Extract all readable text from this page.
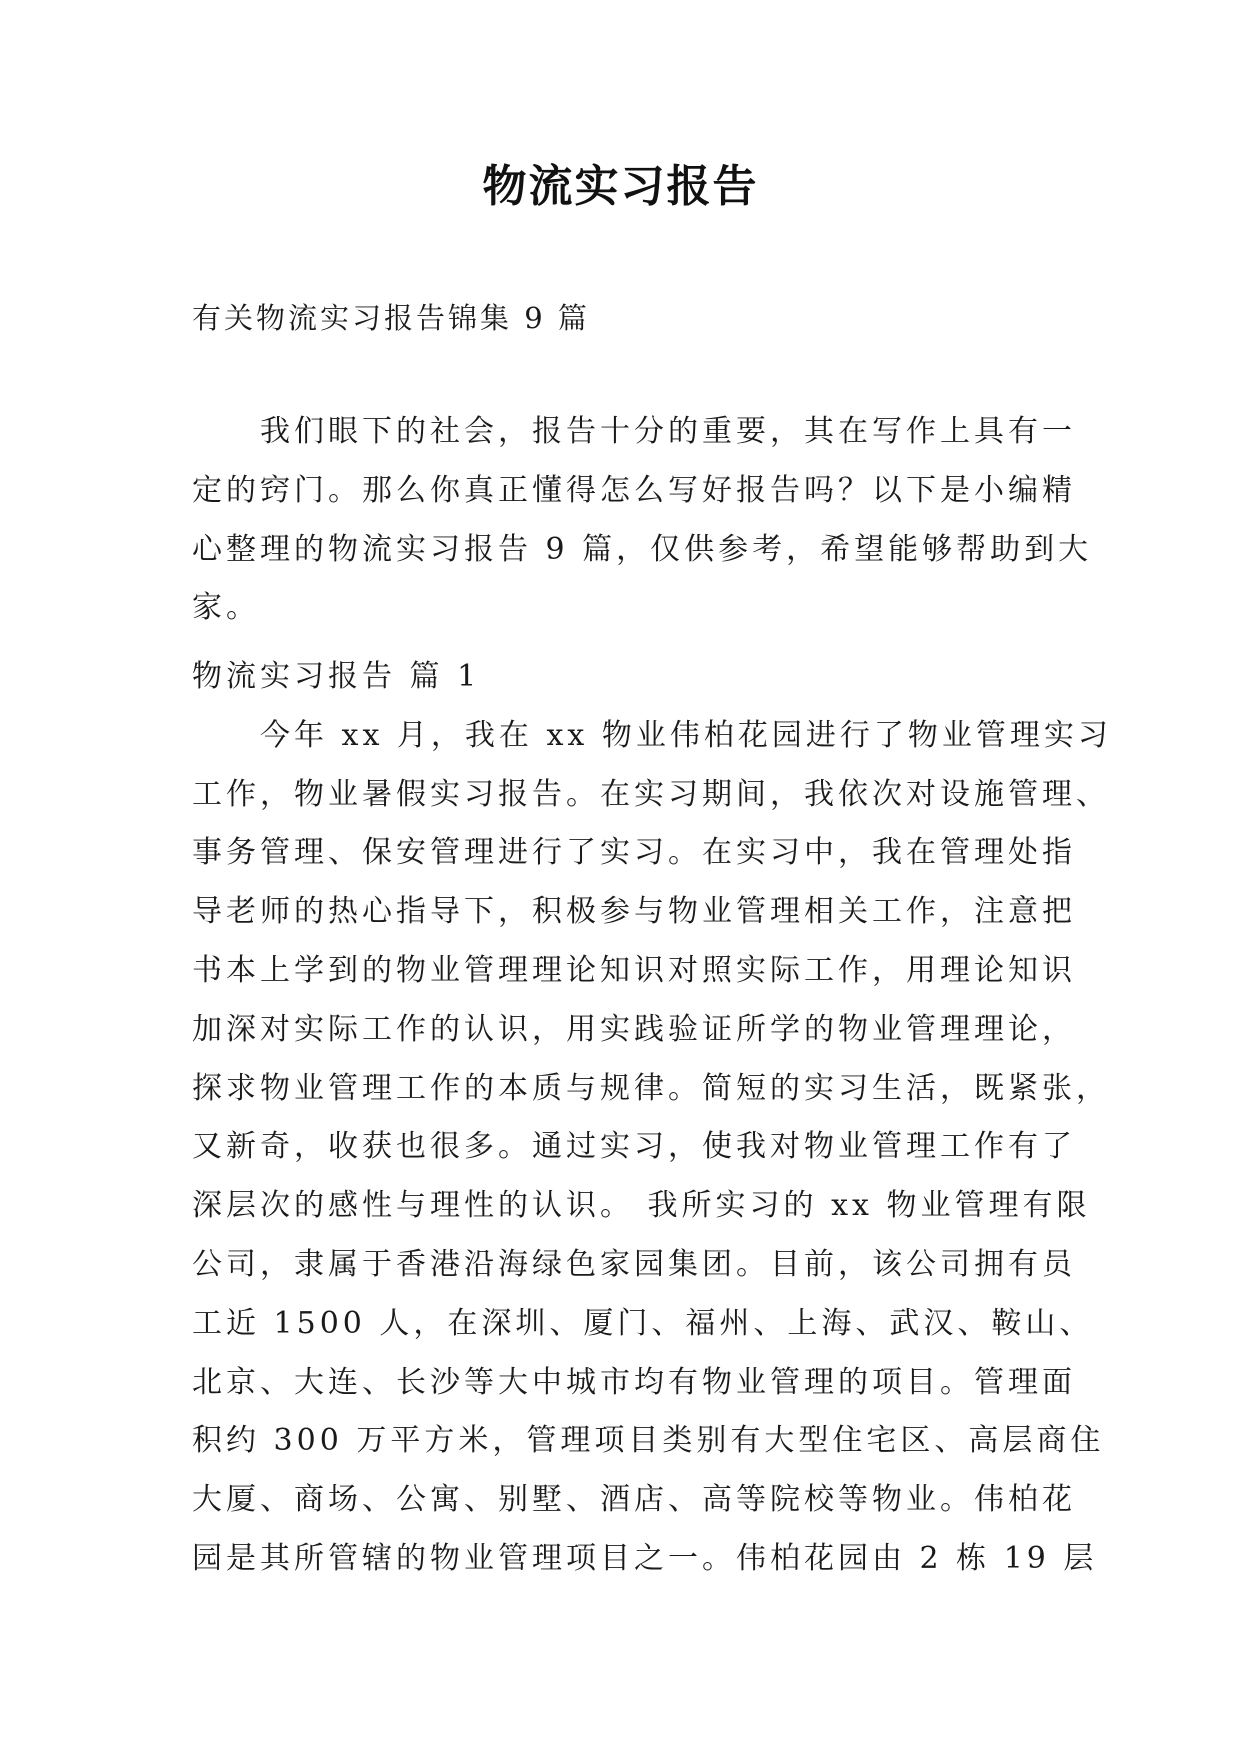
物流实习报告
有关物流实习报告锦集 9 篇
　　我们眼下的社会，报告十分的重要，其在写作上具有一
定的窍门。那么你真正懂得怎么写好报告吗？以下是小编精
心整理的物流实习报告 9 篇，仅供参考，希望能够帮助到大
家。
物流实习报告 篇 1
　　今年 xx 月，我在 xx 物业伟柏花园进行了物业管理实习
工作，物业暑假实习报告。在实习期间，我依次对设施管理、
事务管理、保安管理进行了实习。在实习中，我在管理处指
导老师的热心指导下，积极参与物业管理相关工作，注意把
书本上学到的物业管理理论知识对照实际工作，用理论知识
加深对实际工作的认识，用实践验证所学的物业管理理论，
探求物业管理工作的本质与规律。简短的实习生活，既紧张，
又新奇，收获也很多。通过实习，使我对物业管理工作有了
深层次的感性与理性的认识。 我所实习的 xx 物业管理有限
公司，隶属于香港沿海绿色家园集团。目前，该公司拥有员
工近 1500 人，在深圳、厦门、福州、上海、武汉、鞍山、
北京、大连、长沙等大中城市均有物业管理的项目。管理面
积约 300 万平方米，管理项目类别有大型住宅区、高层商住
大厦、商场、公寓、别墅、酒店、高等院校等物业。伟柏花
园是其所管辖的物业管理项目之一。伟柏花园由 2 栋 19 层
